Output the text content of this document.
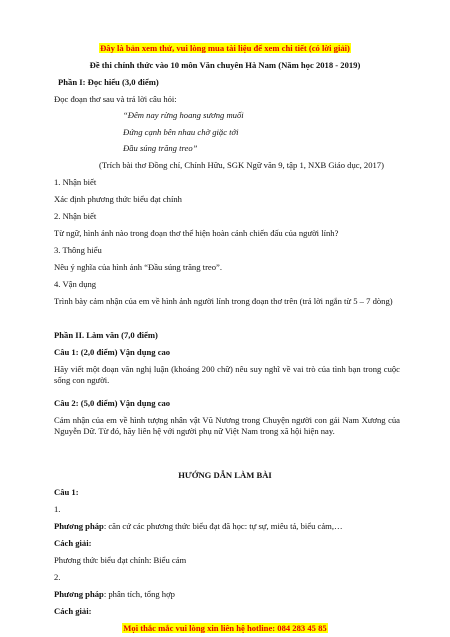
Đây là bản xem thử, vui lòng mua tài liệu để xem chi tiết (có lời giải)
Đề thi chính thức vào 10 môn Văn chuyên Hà Nam (Năm học 2018 - 2019)
Phần I: Đọc hiểu (3,0 điểm)
Đọc đoạn thơ sau và trả lời câu hỏi:
“Đêm nay rừng hoang sương muối
Đứng cạnh bên nhau chờ giặc tới
Đầu súng trăng treo”
(Trích bài thơ Đồng chí, Chính Hữu, SGK Ngữ văn 9, tập 1, NXB Giáo dục, 2017)
1. Nhận biết
Xác định phương thức biểu đạt chính
2. Nhận biết
Từ ngữ, hình ảnh nào trong đoạn thơ thể hiện hoàn cảnh chiến đấu của người lính?
3. Thông hiểu
Nêu ý nghĩa của hình ảnh “Đầu súng trăng treo”.
4. Vận dụng
Trình bày cảm nhận của em về hình ảnh người lính trong đoạn thơ trên (trả lời ngắn từ 5 – 7 dòng)
Phần II. Làm văn (7,0 điểm)
Câu 1: (2,0 điểm) Vận dụng cao
Hãy viết một đoạn văn nghị luận (khoảng 200 chữ) nêu suy nghĩ về vai trò của tình bạn trong cuộc sống con người.
Câu 2: (5,0 điểm) Vận dụng cao
Cảm nhận của em về hình tượng nhân vật Vũ Nương trong Chuyện người con gái Nam Xương của Nguyễn Dữ. Từ đó, hãy liên hệ với người phụ nữ Việt Nam trong xã hội hiện nay.
HƯỚNG DẪN LÀM BÀI
Câu 1:
1.
Phương pháp: căn cứ các phương thức biểu đạt đã học: tự sự, miêu tả, biểu cảm,…
Cách giải:
Phương thức biểu đạt chính: Biểu cảm
2.
Phương pháp: phân tích, tổng hợp
Cách giải:
Mọi thắc mắc vui lòng xin liên hệ hotline: 084 283 45 85
